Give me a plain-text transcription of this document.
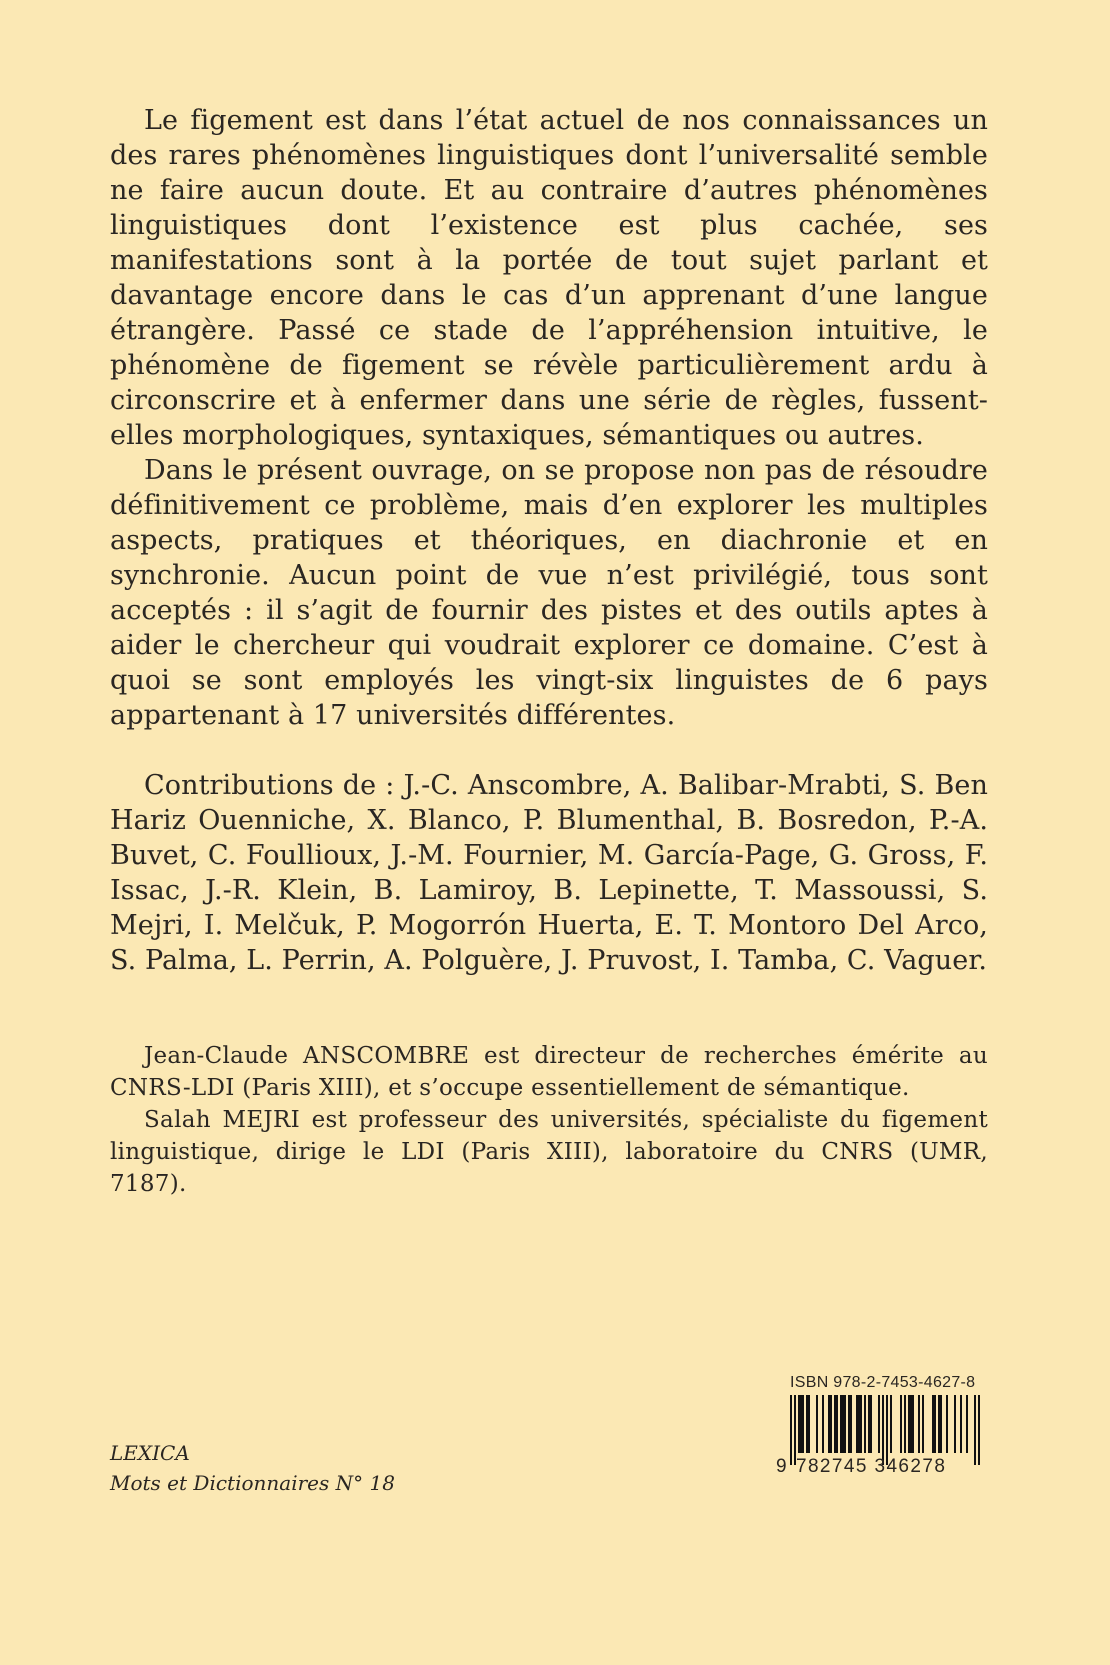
Le figement est dans l’état actuel de nos connaissances un des rares phénomènes linguistiques dont l’universalité semble ne faire aucun doute. Et au contraire d’autres phénomènes linguistiques dont l’existence est plus cachée, ses manifestations sont à la portée de tout sujet parlant et davantage encore dans le cas d’un apprenant d’une langue étrangère. Passé ce stade de l’appréhension intuitive, le phénomène de figement se révèle particulièrement ardu à circonscrire et à enfermer dans une série de règles, fussent-elles morphologiques, syntaxiques, sémantiques ou autres.

Dans le présent ouvrage, on se propose non pas de résoudre définitivement ce problème, mais d’en explorer les multiples aspects, pratiques et théoriques, en diachronie et en synchronie. Aucun point de vue n’est privilégié, tous sont acceptés : il s’agit de fournir des pistes et des outils aptes à aider le chercheur qui voudrait explorer ce domaine. C’est à quoi se sont employés les vingt-six linguistes de 6 pays appartenant à 17 universités différentes.

Contributions de : J.-C. Anscombre, A. Balibar-Mrabti, S. Ben Hariz Ouenniche, X. Blanco, P. Blumenthal, B. Bosredon, P.-A. Buvet, C. Foullioux, J.-M. Fournier, M. García-Page, G. Gross, F. Issac, J.-R. Klein, B. Lamiroy, B. Lepinette, T. Massoussi, S. Mejri, I. Melčuk, P. Mogorrón Huerta, E. T. Montoro Del Arco, S. Palma, L. Perrin, A. Polguère, J. Pruvost, I. Tamba, C. Vaguer.

Jean-Claude ANSCOMBRE est directeur de recherches émérite au CNRS-LDI (Paris XIII), et s’occupe essentiellement de sémantique.

Salah MEJRI est professeur des universités, spécialiste du figement linguistique, dirige le LDI (Paris XIII), laboratoire du CNRS (UMR, 7187).

LEXICA
Mots et Dictionnaires N° 18
ISBN 978-2-7453-4627-8
9 782745 346278
